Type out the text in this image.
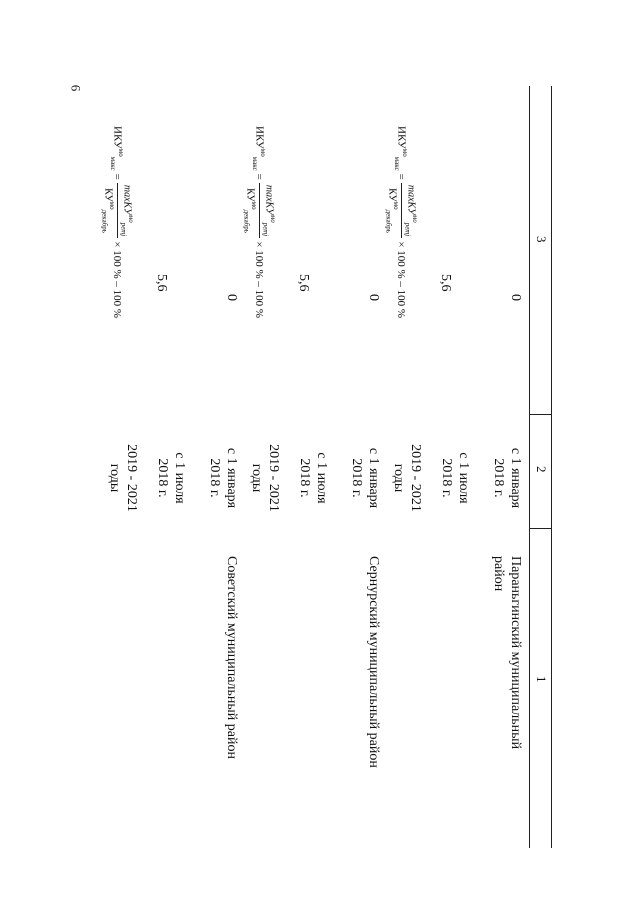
6
1
2
3
Параньгинский муниципальный район
с 1 января 2018 г.
0
с 1 июля 2018 г.
5,6
2019 - 2021 годы
$ИКУ^{мо}_{макс}$
=
maxКУ$^{мо}_{ретj}$
$КУ^{мо}_{декабрь}$
× 100 % – 100 %
Сернурский муниципальный район
с 1 января 2018 г.
0
с 1 июля 2018 г.
5,6
2019 - 2021 годы
$ИКУ^{мо}_{макс}$
=
maxКУ$^{мо}_{ретj}$
$КУ^{мо}_{декабрь}$
× 100 % – 100 %
Советский муниципальный район
с 1 января 2018 г.
0
с 1 июля 2018 г.
5,6
2019 - 2021 годы
$ИКУ^{мо}_{макс}$
=
maxКУ$^{мо}_{ретj}$
$КУ^{мо}_{декабрь}$
× 100 % – 100 %
